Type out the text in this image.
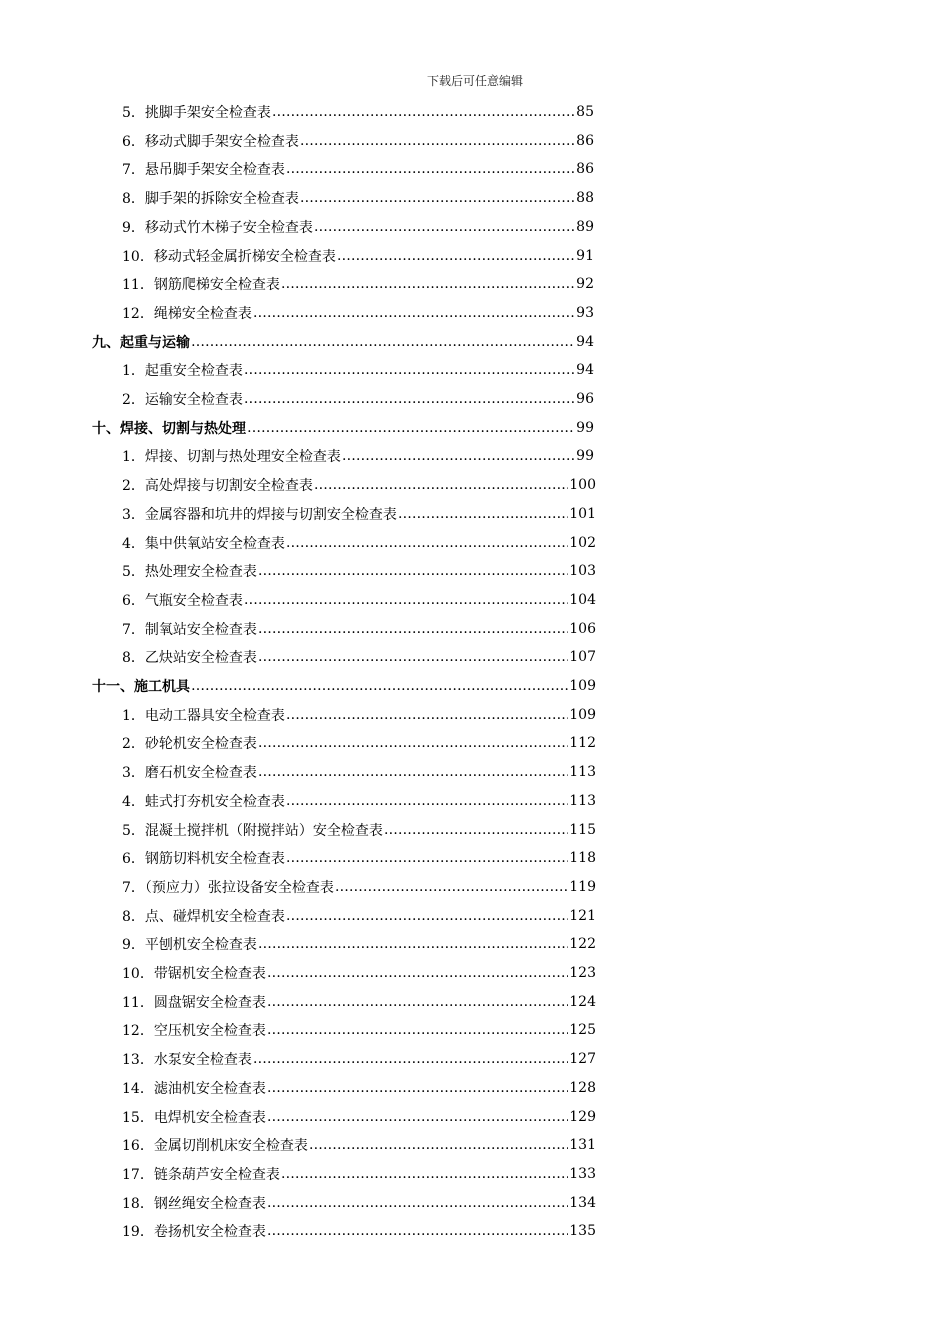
下载后可任意编辑
5．挑脚手架安全检查表 …………………………………………………………………………………………………………………………………………………………………………………	85
6．移动式脚手架安全检查表 …………………………………………………………………………………………………………………………………………………………………………………	86
7．悬吊脚手架安全检查表 …………………………………………………………………………………………………………………………………………………………………………………	86
8．脚手架的拆除安全检查表 …………………………………………………………………………………………………………………………………………………………………………………	88
9．移动式竹木梯子安全检查表 …………………………………………………………………………………………………………………………………………………………………………………	89
10．移动式轻金属折梯安全检查表 …………………………………………………………………………………………………………………………………………………………………………………	91
11．钢筋爬梯安全检查表 …………………………………………………………………………………………………………………………………………………………………………………	92
12．绳梯安全检查表 …………………………………………………………………………………………………………………………………………………………………………………	93
九、起重与运输 …………………………………………………………………………………………………………………………………………………………………………………	94
1．起重安全检查表 …………………………………………………………………………………………………………………………………………………………………………………	94
2．运输安全检查表 …………………………………………………………………………………………………………………………………………………………………………………	96
十、焊接、切割与热处理 …………………………………………………………………………………………………………………………………………………………………………………	99
1．焊接、切割与热处理安全检查表 …………………………………………………………………………………………………………………………………………………………………………………	99
2．高处焊接与切割安全检查表 …………………………………………………………………………………………………………………………………………………………………………………	100
3．金属容器和坑井的焊接与切割安全检查表 …………………………………………………………………………………………………………………………………………………………………………………	101
4．集中供氧站安全检查表 …………………………………………………………………………………………………………………………………………………………………………………	102
5．热处理安全检查表 …………………………………………………………………………………………………………………………………………………………………………………	103
6．气瓶安全检查表 …………………………………………………………………………………………………………………………………………………………………………………	104
7．制氧站安全检查表 …………………………………………………………………………………………………………………………………………………………………………………	106
8．乙炔站安全检查表 …………………………………………………………………………………………………………………………………………………………………………………	107
十一、施工机具 …………………………………………………………………………………………………………………………………………………………………………………	109
1．电动工器具安全检查表 …………………………………………………………………………………………………………………………………………………………………………………	109
2．砂轮机安全检查表 …………………………………………………………………………………………………………………………………………………………………………………	112
3．磨石机安全检查表 …………………………………………………………………………………………………………………………………………………………………………………	113
4．蛙式打夯机安全检查表 …………………………………………………………………………………………………………………………………………………………………………………	113
5．混凝土搅拌机（附搅拌站）安全检查表 …………………………………………………………………………………………………………………………………………………………………………………	115
6．钢筋切料机安全检查表 …………………………………………………………………………………………………………………………………………………………………………………	118
7．（预应力）张拉设备安全检查表 …………………………………………………………………………………………………………………………………………………………………………………	119
8．点、碰焊机安全检查表 …………………………………………………………………………………………………………………………………………………………………………………	121
9．平刨机安全检查表 …………………………………………………………………………………………………………………………………………………………………………………	122
10．带锯机安全检查表 …………………………………………………………………………………………………………………………………………………………………………………	123
11．圆盘锯安全检查表 …………………………………………………………………………………………………………………………………………………………………………………	124
12．空压机安全检查表 …………………………………………………………………………………………………………………………………………………………………………………	125
13．水泵安全检查表 …………………………………………………………………………………………………………………………………………………………………………………	127
14．滤油机安全检查表 …………………………………………………………………………………………………………………………………………………………………………………	128
15．电焊机安全检查表 …………………………………………………………………………………………………………………………………………………………………………………	129
16．金属切削机床安全检查表 …………………………………………………………………………………………………………………………………………………………………………………	131
17．链条葫芦安全检查表 …………………………………………………………………………………………………………………………………………………………………………………	133
18．钢丝绳安全检查表 …………………………………………………………………………………………………………………………………………………………………………………	134
19．卷扬机安全检查表 …………………………………………………………………………………………………………………………………………………………………………………	135
